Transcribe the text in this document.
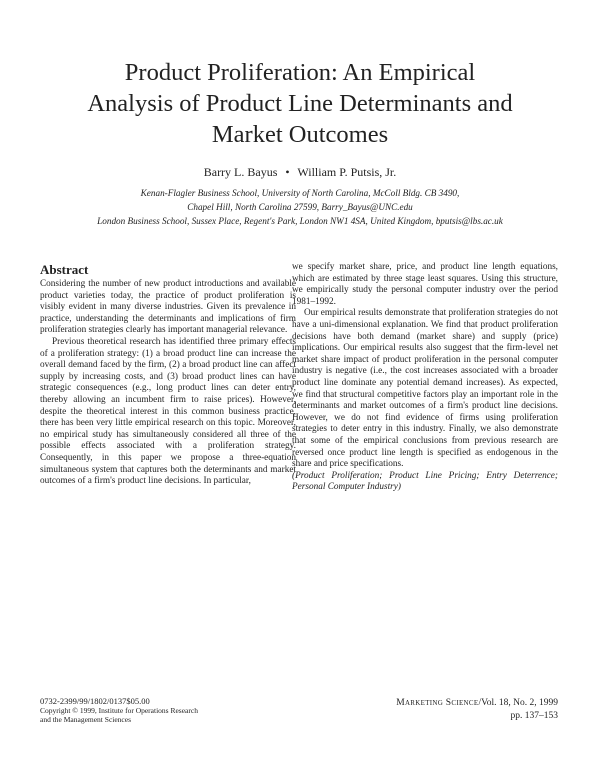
Product Proliferation: An Empirical
Analysis of Product Line Determinants and
Market Outcomes
Barry L. Bayus • William P. Putsis, Jr.
Kenan-Flagler Business School, University of North Carolina, McColl Bldg. CB 3490,
Chapel Hill, North Carolina 27599, Barry_Bayus@UNC.edu
London Business School, Sussex Place, Regent's Park, London NW1 4SA, United Kingdom, bputsis@lbs.ac.uk
Abstract

Considering the number of new product introductions and available product varieties today, the practice of product proliferation is visibly evident in many diverse industries. Given its prevalence in practice, understanding the determinants and implications of firm proliferation strategies clearly has important managerial relevance.

Previous theoretical research has identified three primary effects of a proliferation strategy: (1) a broad product line can increase the overall demand faced by the firm, (2) a broad product line can affect supply by increasing costs, and (3) broad product lines can have strategic consequences (e.g., long product lines can deter entry, thereby allowing an incumbent firm to raise prices). However, despite the theoretical interest in this common business practice, there has been very little empirical research on this topic. Moreover, no empirical study has simultaneously considered all three of the possible effects associated with a proliferation strategy. Consequently, in this paper we propose a three-equation simultaneous system that captures both the determinants and market outcomes of a firm's product line decisions. In particular,

we specify market share, price, and product line length equations, which are estimated by three stage least squares. Using this structure, we empirically study the personal computer industry over the period 1981–1992.

Our empirical results demonstrate that proliferation strategies do not have a uni-dimensional explanation. We find that product proliferation decisions have both demand (market share) and supply (price) implications. Our empirical results also suggest that the firm-level net market share impact of product proliferation in the personal computer industry is negative (i.e., the cost increases associated with a broader product line dominate any potential demand increases). As expected, we find that structural competitive factors play an important role in the determinants and market outcomes of a firm's product line decisions. However, we do not find evidence of firms using proliferation strategies to deter entry in this industry. Finally, we also demonstrate that some of the empirical conclusions from previous research are reversed once product line length is specified as endogenous in the share and price specifications.

(Product Proliferation; Product Line Pricing; Entry Deterrence; Personal Computer Industry)

0732-2399/99/1802/0137$05.00
Copyright © 1999, Institute for Operations Research
and the Management Sciences
Marketing Science/Vol. 18, No. 2, 1999
pp. 137–153
